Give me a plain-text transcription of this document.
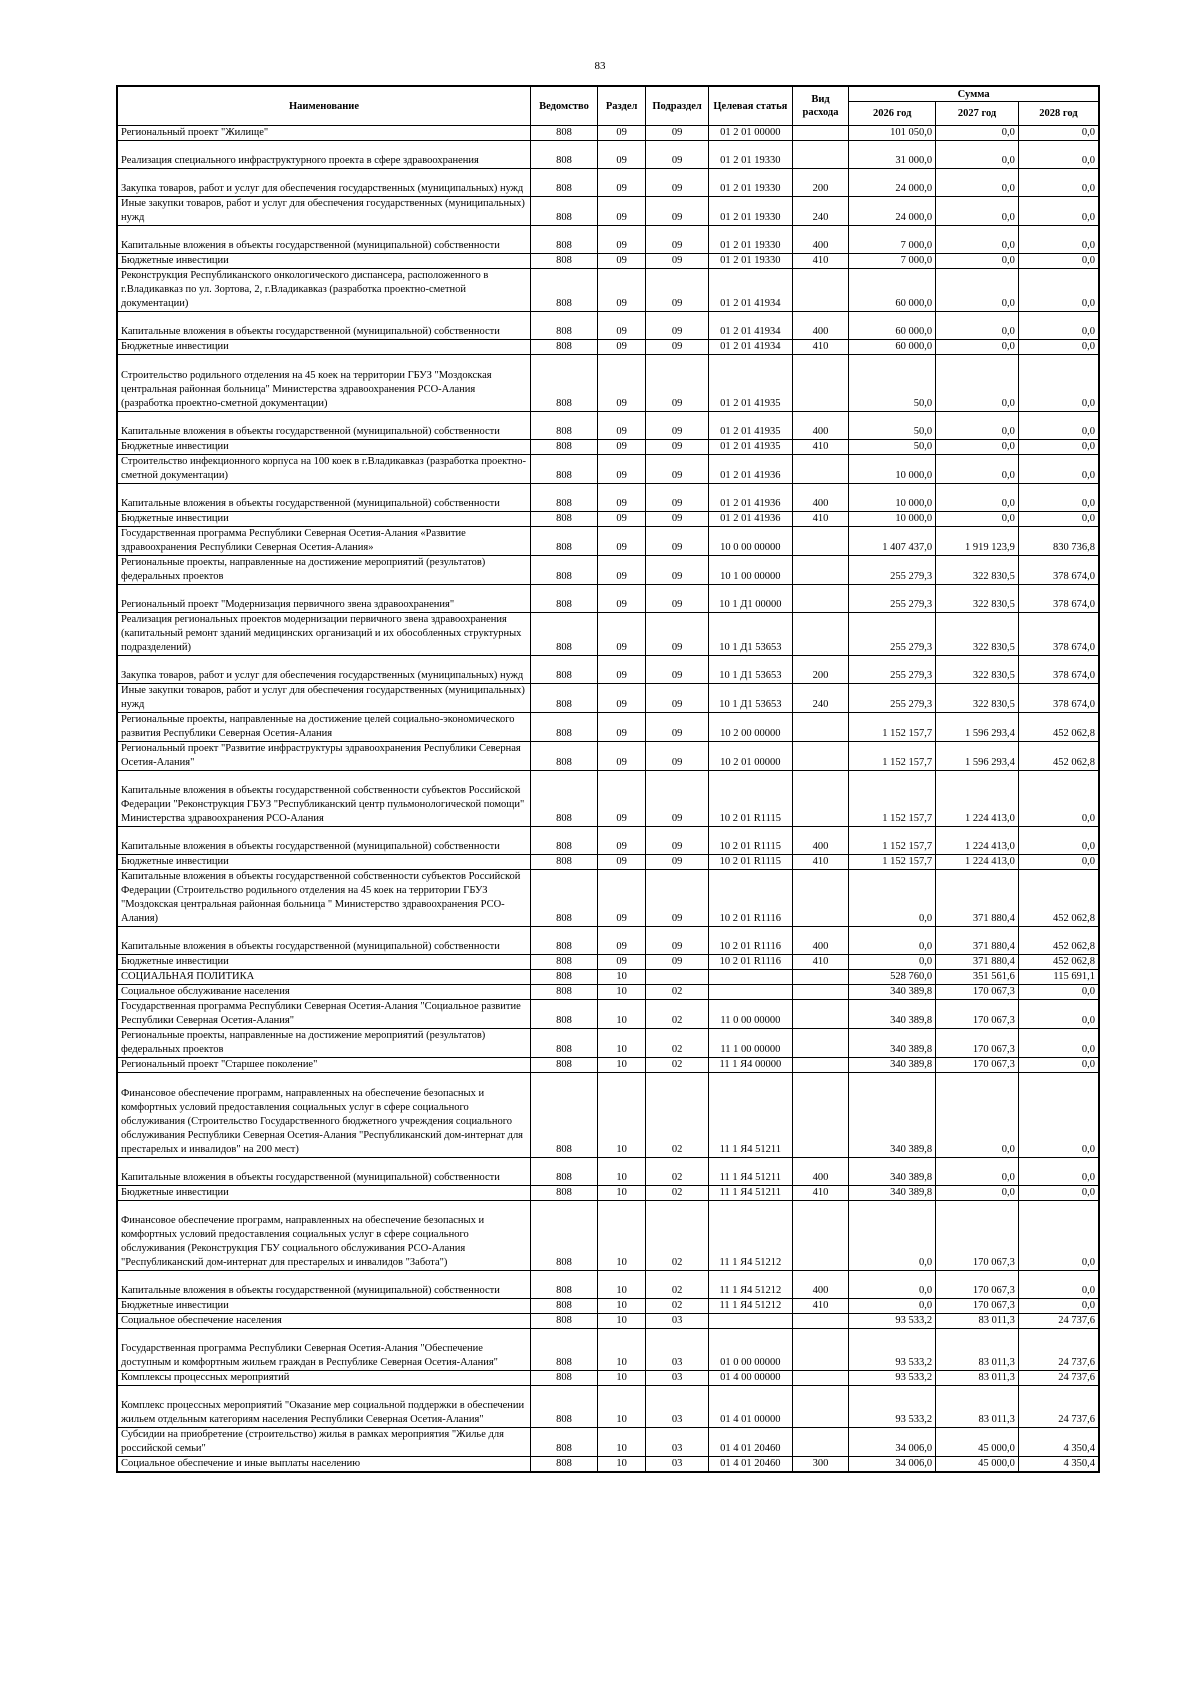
83
Наименование	Ведомство	Раздел	Подраздел	Целевая статья	Вид расхода	Сумма		
						2026 год	2027 год	2028 год
Региональный проект "Жилище"	808	09	09	01 2 01 00000		101 050,0	0,0	0,0
Реализация специального инфраструктурного проекта в сфере здравоохранения	808	09	09	01 2 01 19330		31 000,0	0,0	0,0
Закупка товаров, работ и услуг для обеспечения государственных (муниципальных) нужд	808	09	09	01 2 01 19330	200	24 000,0	0,0	0,0
Иные закупки товаров, работ и услуг для обеспечения государственных (муниципальных) нужд	808	09	09	01 2 01 19330	240	24 000,0	0,0	0,0
Капитальные вложения в объекты государственной (муниципальной) собственности	808	09	09	01 2 01 19330	400	7 000,0	0,0	0,0
Бюджетные инвестиции	808	09	09	01 2 01 19330	410	7 000,0	0,0	0,0
Реконструкция Республиканского онкологического диспансера, расположенного в г.Владикавказ по ул. Зортова, 2, г.Владикавказ (разработка проектно-сметной документации)	808	09	09	01 2 01 41934		60 000,0	0,0	0,0
Капитальные вложения в объекты государственной (муниципальной) собственности	808	09	09	01 2 01 41934	400	60 000,0	0,0	0,0
Бюджетные инвестиции	808	09	09	01 2 01 41934	410	60 000,0	0,0	0,0
Строительство родильного отделения на 45 коек на территории ГБУЗ "Моздокская центральная районная больница" Министерства здравоохранения РСО-Алания (разработка проектно-сметной документации)	808	09	09	01 2 01 41935		50,0	0,0	0,0
Капитальные вложения в объекты государственной (муниципальной) собственности	808	09	09	01 2 01 41935	400	50,0	0,0	0,0
Бюджетные инвестиции	808	09	09	01 2 01 41935	410	50,0	0,0	0,0
Строительство инфекционного корпуса на 100 коек в г.Владикавказ (разработка проектно-сметной документации)	808	09	09	01 2 01 41936		10 000,0	0,0	0,0
Капитальные вложения в объекты государственной (муниципальной) собственности	808	09	09	01 2 01 41936	400	10 000,0	0,0	0,0
Бюджетные инвестиции	808	09	09	01 2 01 41936	410	10 000,0	0,0	0,0
Государственная программа Республики Северная Осетия-Алания «Развитие здравоохранения Республики Северная Осетия-Алания»	808	09	09	10 0 00 00000		1 407 437,0	1 919 123,9	830 736,8
Региональные проекты, направленные на достижение мероприятий (результатов) федеральных проектов	808	09	09	10 1 00 00000		255 279,3	322 830,5	378 674,0
Региональный проект "Модернизация первичного звена здравоохранения"	808	09	09	10 1 Д1 00000		255 279,3	322 830,5	378 674,0
Реализация региональных проектов модернизации первичного звена здравоохранения (капитальный ремонт зданий медицинских организаций и их обособленных структурных подразделений)	808	09	09	10 1 Д1 53653		255 279,3	322 830,5	378 674,0
Закупка товаров, работ и услуг для обеспечения государственных (муниципальных) нужд	808	09	09	10 1 Д1 53653	200	255 279,3	322 830,5	378 674,0
Иные закупки товаров, работ и услуг для обеспечения государственных (муниципальных) нужд	808	09	09	10 1 Д1 53653	240	255 279,3	322 830,5	378 674,0
Региональные проекты, направленные на достижение целей социально-экономического развития Республики Северная Осетия-Алания	808	09	09	10 2 00 00000		1 152 157,7	1 596 293,4	452 062,8
Региональный проект "Развитие инфраструктуры здравоохранения Республики Северная Осетия-Алания"	808	09	09	10 2 01 00000		1 152 157,7	1 596 293,4	452 062,8
Капитальные вложения в объекты государственной собственности субъектов Российской Федерации "Реконструкция ГБУЗ "Республиканский центр пульмонологической помощи" Министерства здравоохранения РСО-Алания	808	09	09	10 2 01 R1115		1 152 157,7	1 224 413,0	0,0
Капитальные вложения в объекты государственной (муниципальной) собственности	808	09	09	10 2 01 R1115	400	1 152 157,7	1 224 413,0	0,0
Бюджетные инвестиции	808	09	09	10 2 01 R1115	410	1 152 157,7	1 224 413,0	0,0
Капитальные вложения в объекты государственной собственности субъектов Российской Федерации (Строительство родильного отделения на 45 коек на территории ГБУЗ "Моздокская центральная районная больница " Министерство здравоохранения РСО-Алания)	808	09	09	10 2 01 R1116		0,0	371 880,4	452 062,8
Капитальные вложения в объекты государственной (муниципальной) собственности	808	09	09	10 2 01 R1116	400	0,0	371 880,4	452 062,8
Бюджетные инвестиции	808	09	09	10 2 01 R1116	410	0,0	371 880,4	452 062,8
СОЦИАЛЬНАЯ ПОЛИТИКА	808	10				528 760,0	351 561,6	115 691,1
Социальное обслуживание населения	808	10	02			340 389,8	170 067,3	0,0
Государственная программа Республики Северная Осетия-Алания "Социальное развитие Республики Северная Осетия-Алания"	808	10	02	11 0 00 00000		340 389,8	170 067,3	0,0
Региональные проекты, направленные на достижение мероприятий (результатов) федеральных проектов	808	10	02	11 1 00 00000		340 389,8	170 067,3	0,0
Региональный проект "Старшее поколение"	808	10	02	11 1 Я4 00000		340 389,8	170 067,3	0,0
Финансовое обеспечение программ, направленных на обеспечение безопасных и комфортных условий предоставления социальных услуг в сфере социального обслуживания (Строительство Государственного бюджетного учреждения социального обслуживания Республики Северная Осетия-Алания "Республиканский дом-интернат для престарелых и инвалидов" на 200 мест)	808	10	02	11 1 Я4 51211		340 389,8	0,0	0,0
Капитальные вложения в объекты государственной (муниципальной) собственности	808	10	02	11 1 Я4 51211	400	340 389,8	0,0	0,0
Бюджетные инвестиции	808	10	02	11 1 Я4 51211	410	340 389,8	0,0	0,0
Финансовое обеспечение программ, направленных на обеспечение безопасных и комфортных условий предоставления социальных услуг в сфере социального обслуживания (Реконструкция ГБУ социального обслуживания РСО-Алания "Республиканский дом-интернат для престарелых и инвалидов "Забота")	808	10	02	11 1 Я4 51212		0,0	170 067,3	0,0
Капитальные вложения в объекты государственной (муниципальной) собственности	808	10	02	11 1 Я4 51212	400	0,0	170 067,3	0,0
Бюджетные инвестиции	808	10	02	11 1 Я4 51212	410	0,0	170 067,3	0,0
Социальное обеспечение населения	808	10	03			93 533,2	83 011,3	24 737,6
Государственная программа Республики Северная Осетия-Алания "Обеспечение доступным и комфортным жильем граждан в Республике Северная Осетия-Алания"	808	10	03	01 0 00 00000		93 533,2	83 011,3	24 737,6
Комплексы процессных мероприятий	808	10	03	01 4 00 00000		93 533,2	83 011,3	24 737,6
Комплекс процессных мероприятий "Оказание мер социальной поддержки в обеспечении жильем отдельным категориям населения Республики Северная Осетия-Алания"	808	10	03	01 4 01 00000		93 533,2	83 011,3	24 737,6
Субсидии на приобретение (строительство) жилья в рамках мероприятия "Жилье для российской семьи"	808	10	03	01 4 01 20460		34 006,0	45 000,0	4 350,4
Социальное обеспечение и иные выплаты населению	808	10	03	01 4 01 20460	300	34 006,0	45 000,0	4 350,4
